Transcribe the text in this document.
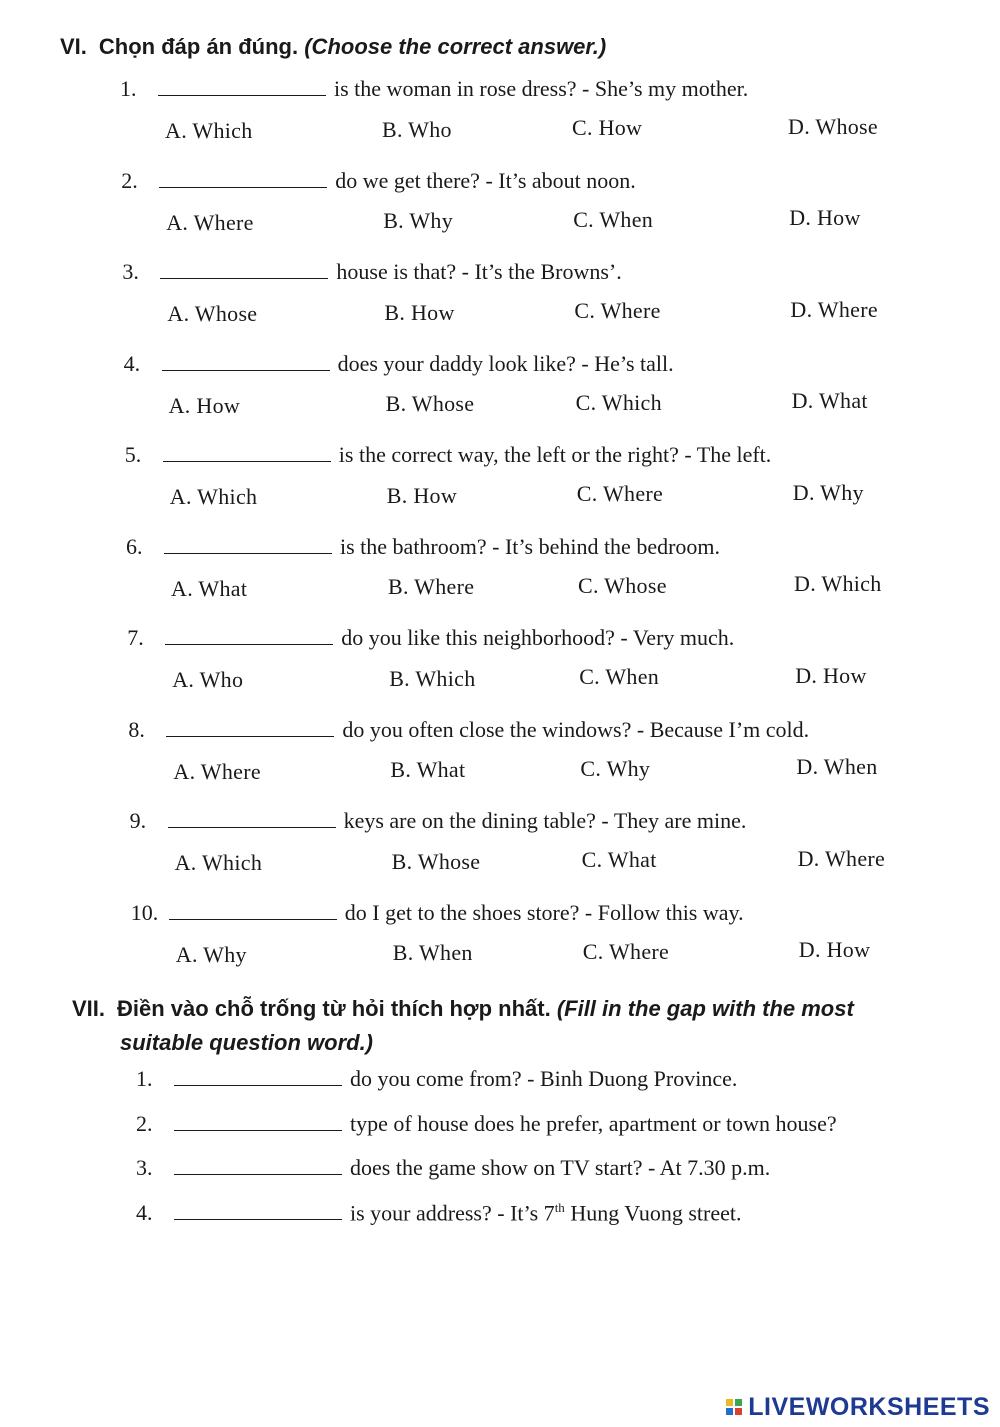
VI. Chọn đáp án đúng. (Choose the correct answer.)
1.	is the woman in rose dress? - She’s my mother.
A. Which	B. Who	C. How	D. Whose
2.	do we get there? - It’s about noon.
A. Where	B. Why	C. When	D. How
3.	house is that? - It’s the Browns’.
A. Whose	B. How	C. Where	D. Where
4.	does your daddy look like? - He’s tall.
A. How	B. Whose	C. Which	D. What
5.	is the correct way, the left or the right? - The left.
A. Which	B. How	C. Where	D. Why
6.	is the bathroom? - It’s behind the bedroom.
A. What	B. Where	C. Whose	D. Which
7.	do you like this neighborhood? - Very much.
A. Who	B. Which	C. When	D. How
8.	do you often close the windows? - Because I’m cold.
A. Where	B. What	C. Why	D. When
9.	keys are on the dining table? - They are mine.
A. Which	B. Whose	C. What	D. Where
10.	do I get to the shoes store? - Follow this way.
A. Why	B. When	C. Where	D. How
VII. Điền vào chỗ trống từ hỏi thích hợp nhất. (Fill in the gap with the most
suitable question word.)
1.	do you come from? - Binh Duong Province.
2.	type of house does he prefer, apartment or town house?
3.	does the game show on TV start? - At 7.30 p.m.
4.	is your address? - It’s 7th Hung Vuong street.
LIVEWORKSHEETS
